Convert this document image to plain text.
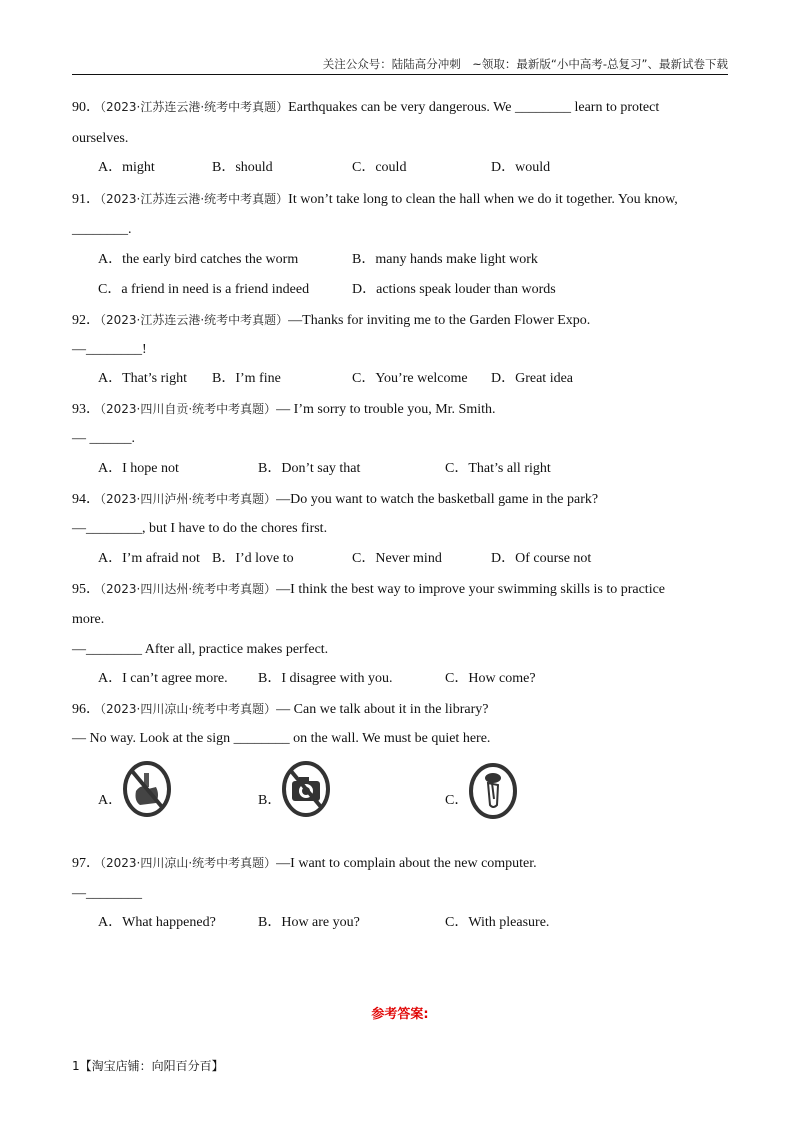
关注公众号：陆陆高分冲刺　~领取：最新版“小中高考-总复习”、最新试卷下载
90．（2023·江苏连云港·统考中考真题）Earthquakes can be very dangerous. We ________ learn to protect
ourselves.
A．might	B．should	C．could	D．would
91．（2023·江苏连云港·统考中考真题）It won’t take long to clean the hall when we do it together. You know,
________.
A．the early bird catches the worm	B．many hands make light work
C．a friend in need is a friend indeed	D．actions speak louder than words
92．（2023·江苏连云港·统考中考真题）—Thanks for inviting me to the Garden Flower Expo.
—________!
A．That’s right B．I’m fine	C．You’re welcome D．Great idea
93．（2023·四川自贡·统考中考真题）— I’m sorry to trouble you, Mr. Smith.
— ______.
A．I hope not	B．Don’t say that	C．That’s all right
94．（2023·四川泸州·统考中考真题）—Do you want to watch the basketball game in the park?
—________, but I have to do the chores first.
A．I’m afraid not B．I’d love to	C．Never mind	D．Of course not
95．（2023·四川达州·统考中考真题）—I think the best way to improve your swimming skills is to practice
more.
—________ After all, practice makes perfect.
A．I can’t agree more. B．I disagree with you.	C．How come?
96．（2023·四川凉山·统考中考真题）— Can we talk about it in the library?
— No way. Look at the sign ________ on the wall. We must be quiet here.
A．	B．	C．
97．（2023·四川凉山·统考中考真题）—I want to complain about the new computer.
—________
A．What happened?	B．How are you?	C．With pleasure.
参考答案:
1【淘宝店铺：向阳百分百】
